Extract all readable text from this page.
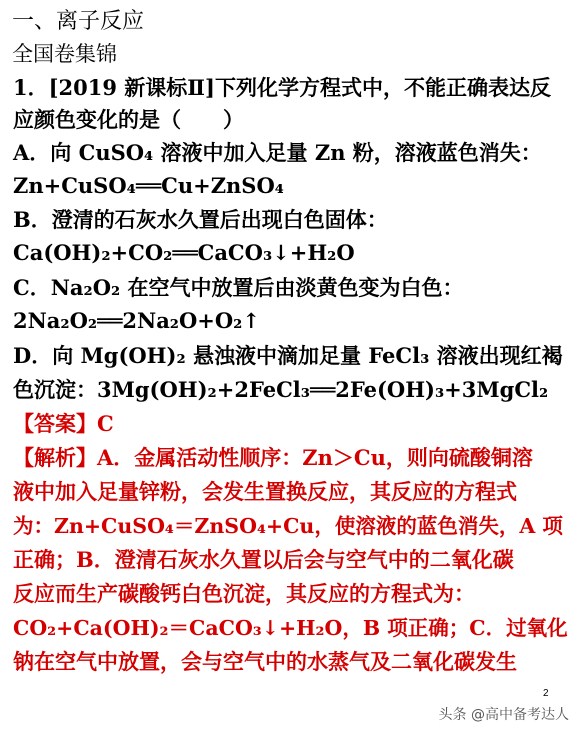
一、离子反应
全国卷集锦
1．[2019 新课标Ⅱ]下列化学方程式中，不能正确表达反
应颜色变化的是（　　）
A．向 CuSO₄ 溶液中加入足量 Zn 粉，溶液蓝色消失：
Zn+CuSO₄══Cu+ZnSO₄
B．澄清的石灰水久置后出现白色固体：
Ca(OH)₂+CO₂══CaCO₃↓+H₂O
C．Na₂O₂ 在空气中放置后由淡黄色变为白色：
2Na₂O₂══2Na₂O+O₂↑
D．向 Mg(OH)₂ 悬浊液中滴加足量 FeCl₃ 溶液出现红褐
色沉淀：3Mg(OH)₂+2FeCl₃══2Fe(OH)₃+3MgCl₂
【答案】C
【解析】A．金属活动性顺序：Zn＞Cu，则向硫酸铜溶
液中加入足量锌粉，会发生置换反应，其反应的方程式
为：Zn+CuSO₄＝ZnSO₄+Cu，使溶液的蓝色消失，A 项
正确；B．澄清石灰水久置以后会与空气中的二氧化碳
反应而生产碳酸钙白色沉淀，其反应的方程式为：
CO₂+Ca(OH)₂＝CaCO₃↓+H₂O，B 项正确；C．过氧化
钠在空气中放置，会与空气中的水蒸气及二氧化碳发生
2
头条 @高中备考达人
